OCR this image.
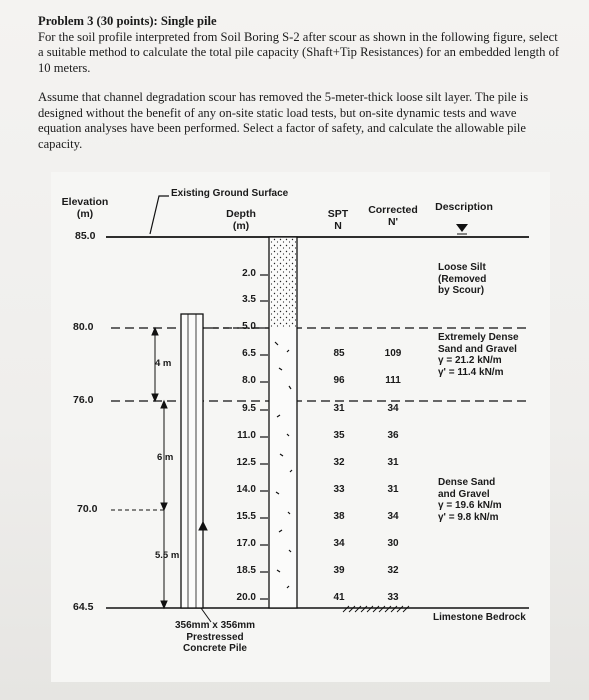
Problem 3 (30 points): Single pile

For the soil profile interpreted from Soil Boring S-2 after scour as shown in the following figure, select a suitable method to calculate the total pile capacity (Shaft+Tip Resistances) for an embedded length of 10 meters.

Assume that channel degradation scour has removed the 5-meter-thick loose silt layer. The pile is designed without the benefit of any on-site static load tests, but on-site dynamic tests and wave equation analyses have been performed. Select a factor of safety, and calculate the allowable pile capacity.

Elevation
(m)
Existing Ground Surface
Depth
(m)
SPT
N
Corrected
N'
Description
85.0
80.0
76.0
70.0
64.5
2.0
3.5
5.0
6.5
8.0
9.5
11.0
12.5
14.0
15.5
17.0
18.5
20.0
85
96
31
35
32
33
38
34
39
41
109
111
34
36
31
31
34
30
32
33
Loose Silt
(Removed
by Scour)
Extremely Dense
Sand and Gravel
γ = 21.2 kN/m
γ' = 11.4 kN/m
Dense Sand
and Gravel
γ = 19.6 kN/m
γ' = 9.8 kN/m
Limestone Bedrock
4 m
6 m
5.5 m
356mm x 356mm
Prestressed
Concrete Pile
